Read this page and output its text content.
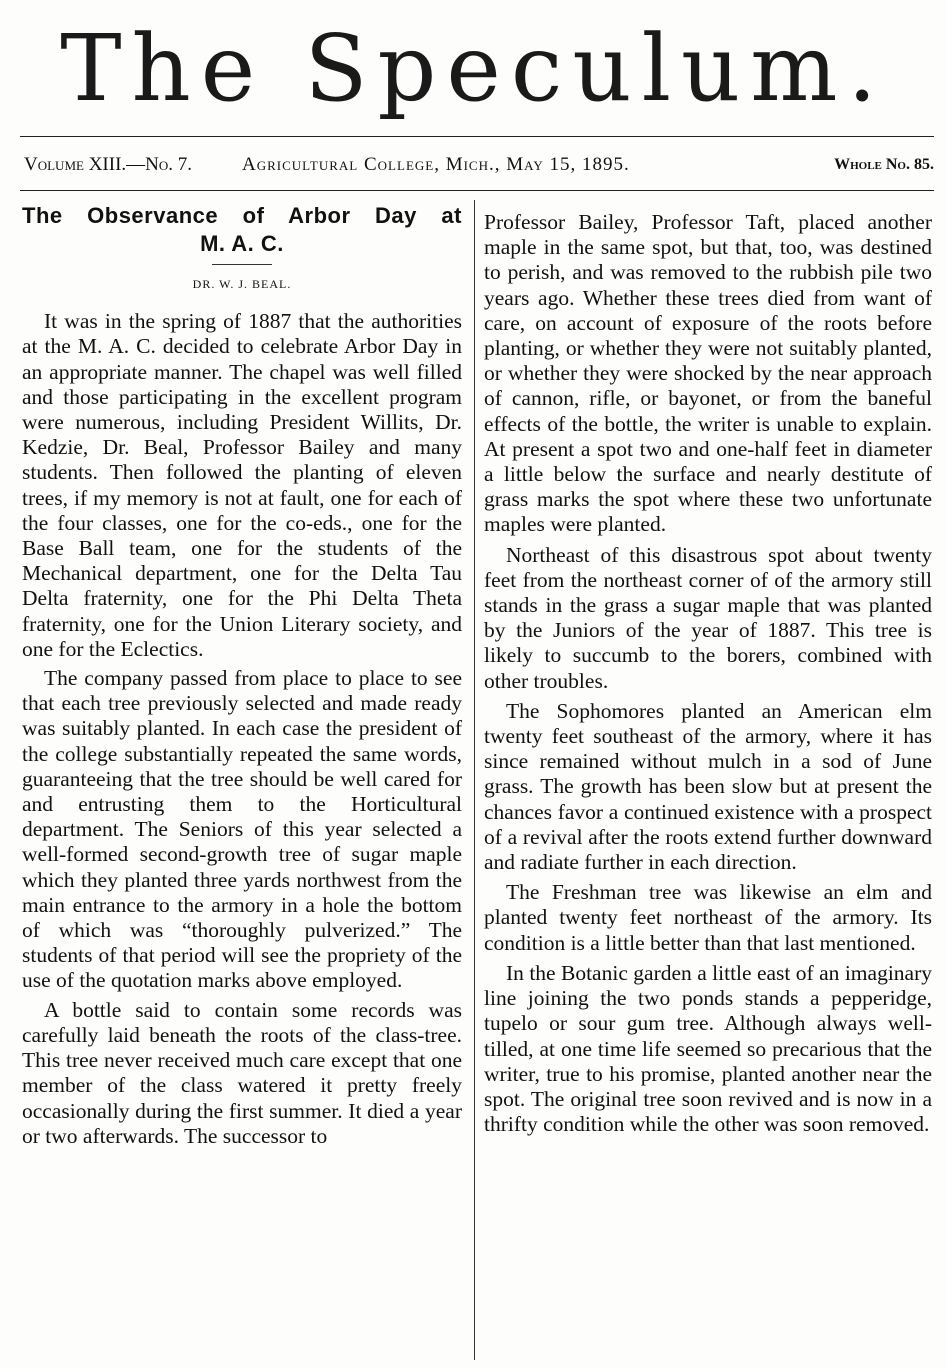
The Speculum.
Volume XIII.—No. 7.	Agricultural College, Mich., May 15, 1895.	Whole No. 85.
The Observance of Arbor Day at
M. A. C.
DR. W. J. BEAL.

It was in the spring of 1887 that the authorities at the M. A. C. decided to celebrate Arbor Day in an appropriate manner. The chapel was well filled and those participating in the excellent program were numerous, including President Willits, Dr. Kedzie, Dr. Beal, Professor Bailey and many students. Then followed the planting of eleven trees, if my memory is not at fault, one for each of the four classes, one for the co-eds., one for the Base Ball team, one for the students of the Mechanical department, one for the Delta Tau Delta fraternity, one for the Phi Delta Theta fraternity, one for the Union Literary society, and one for the Eclectics.

The company passed from place to place to see that each tree previously selected and made ready was suitably planted. In each case the president of the college substantially repeated the same words, guaranteeing that the tree should be well cared for and entrusting them to the Horticultural department. The Seniors of this year selected a well-formed second-growth tree of sugar maple which they planted three yards northwest from the main entrance to the armory in a hole the bottom of which was “thoroughly pulverized.” The students of that period will see the propriety of the use of the quotation marks above employed.

A bottle said to contain some records was carefully laid beneath the roots of the class-tree. This tree never received much care except that one member of the class watered it pretty freely occasionally during the first summer. It died a year or two afterwards. The successor to

Professor Bailey, Professor Taft, placed another maple in the same spot, but that, too, was destined to perish, and was removed to the rubbish pile two years ago. Whether these trees died from want of care, on account of exposure of the roots before planting, or whether they were not suitably planted, or whether they were shocked by the near approach of cannon, rifle, or bayonet, or from the baneful effects of the bottle, the writer is unable to explain. At present a spot two and one-half feet in diameter a little below the surface and nearly destitute of grass marks the spot where these two unfortunate maples were planted.

Northeast of this disastrous spot about twenty feet from the northeast corner of of the armory still stands in the grass a sugar maple that was planted by the Juniors of the year of 1887. This tree is likely to succumb to the borers, combined with other troubles.

The Sophomores planted an American elm twenty feet southeast of the armory, where it has since remained without mulch in a sod of June grass. The growth has been slow but at present the chances favor a continued existence with a prospect of a revival after the roots extend further downward and radiate further in each direction.

The Freshman tree was likewise an elm and planted twenty feet northeast of the armory. Its condition is a little better than that last mentioned.

In the Botanic garden a little east of an imaginary line joining the two ponds stands a pepperidge, tupelo or sour gum tree. Although always well-tilled, at one time life seemed so precarious that the writer, true to his promise, planted another near the spot. The original tree soon revived and is now in a thrifty condition while the other was soon removed.
